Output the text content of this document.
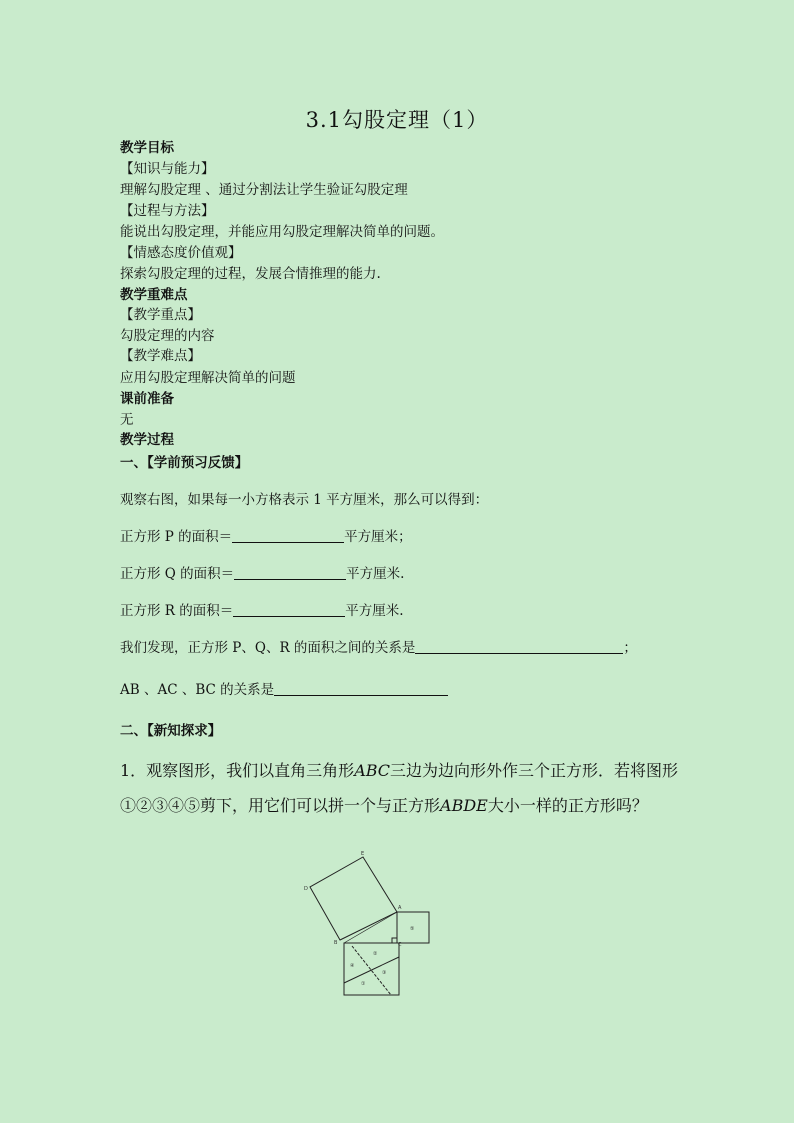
3.1勾股定理（1）
教学目标
【知识与能力】
理解勾股定理 、通过分割法让学生验证勾股定理
【过程与方法】
能说出勾股定理，并能应用勾股定理解决简单的问题。
【情感态度价值观】
探索勾股定理的过程，发展合情推理的能力.
教学重难点
【教学重点】
勾股定理的内容
【教学难点】
应用勾股定理解决简单的问题
课前准备
无
教学过程
一、【学前预习反馈】
观察右图，如果每一小方格表示 1 平方厘米，那么可以得到：
正方形 P 的面积＝	平方厘米；
正方形 Q 的面积＝	平方厘米.
正方形 R 的面积＝	平方厘米.
我们发现，正方形 P、Q、R 的面积之间的关系是	；
AB 、AC 、BC 的关系是
二、【新知探求】
1．观察图形，我们以直角三角形ABC三边为边向形外作三个正方形．若将图形
①②③④⑤剪下，用它们可以拼一个与正方形ABDE大小一样的正方形吗？
E
D
A
B	C
①
②
③
④
⑤
